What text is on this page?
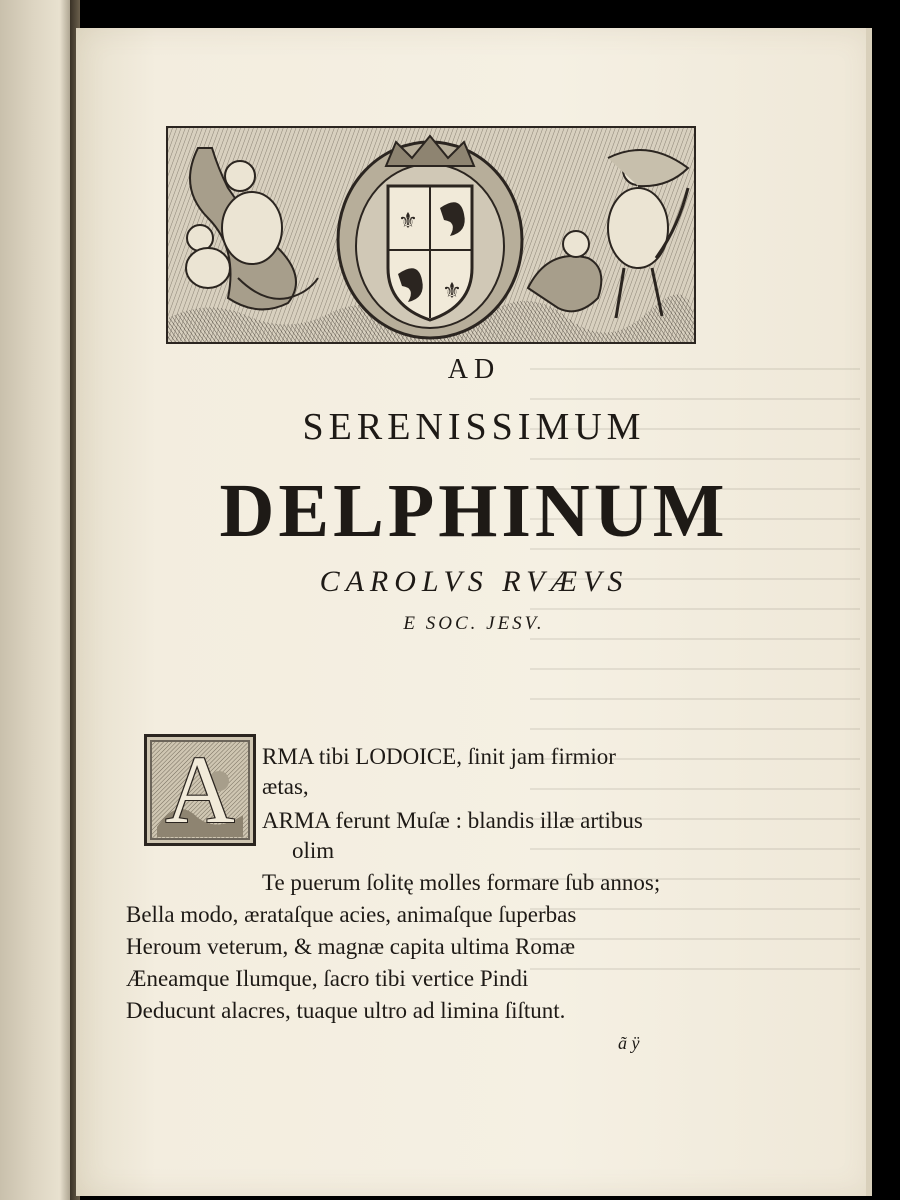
⚜
⚜
AD
SERENISSIMUM
DELPHINUM
CAROLVS RVÆVS
E SOC. JESV.
A	RMA tibi LODOICE, ſinit jam firmior
ætas,
ARMA ferunt Muſæ : blandis illæ artibus
olim
Te puerum ſolitę molles formare ſub annos;
Bella modo, ærataſque acies, animaſque ſuperbas
Heroum veterum, & magnæ capita ultima Romæ
Æneamque Ilumque, ſacro tibi vertice Pindi
Deducunt alacres, tuaque ultro ad limina ſiſtunt.
ã ÿ
